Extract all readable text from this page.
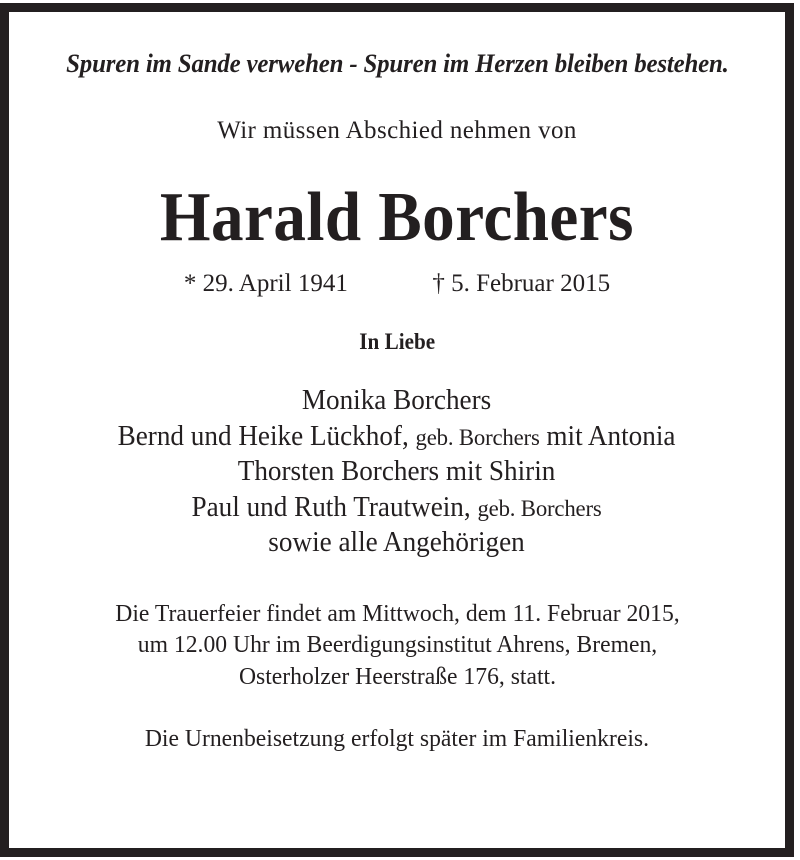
Spuren im Sande verwehen - Spuren im Herzen bleiben bestehen.
Wir müssen Abschied nehmen von
Harald Borchers
* 29. April 1941	† 5. Februar 2015
In Liebe
Monika Borchers
Bernd und Heike Lückhof, geb. Borchers mit Antonia
Thorsten Borchers mit Shirin
Paul und Ruth Trautwein, geb. Borchers
sowie alle Angehörigen
Die Trauerfeier findet am Mittwoch, dem 11. Februar 2015,
um 12.00 Uhr im Beerdigungsinstitut Ahrens, Bremen,
Osterholzer Heerstraße 176, statt.
Die Urnenbeisetzung erfolgt später im Familienkreis.
